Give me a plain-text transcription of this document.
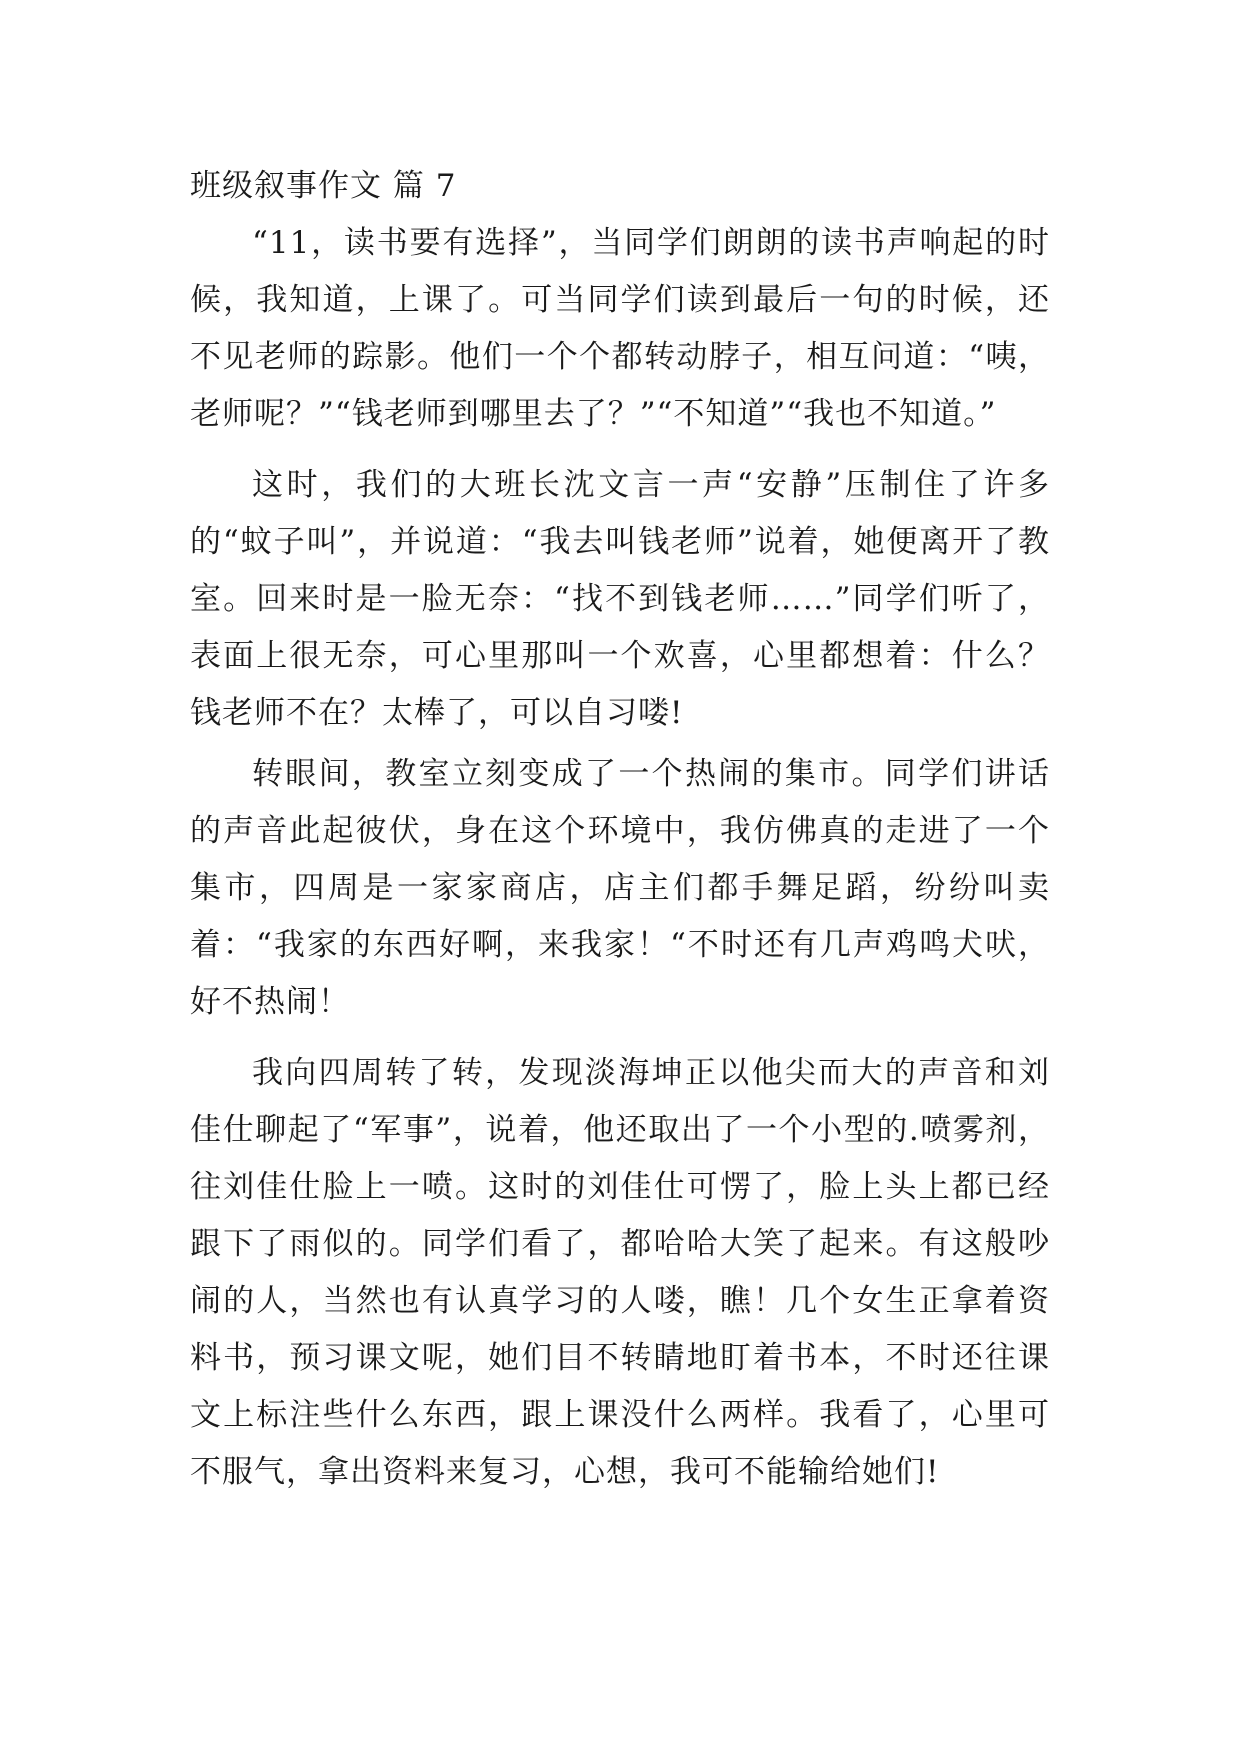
班级叙事作文 篇 7

“11，读书要有选择”，当同学们朗朗的读书声响起的时候，我知道，上课了。可当同学们读到最后一句的时候，还不见老师的踪影。他们一个个都转动脖子，相互问道：“咦，老师呢？”“钱老师到哪里去了？”“不知道”“我也不知道。”

这时，我们的大班长沈文言一声“安静”压制住了许多的“蚊子叫”，并说道：“我去叫钱老师”说着，她便离开了教室。回来时是一脸无奈：“找不到钱老师……”同学们听了，表面上很无奈，可心里那叫一个欢喜，心里都想着：什么？钱老师不在？太棒了，可以自习喽!

转眼间，教室立刻变成了一个热闹的集市。同学们讲话的声音此起彼伏，身在这个环境中，我仿佛真的走进了一个集市，四周是一家家商店，店主们都手舞足蹈，纷纷叫卖着：“我家的东西好啊，来我家！“不时还有几声鸡鸣犬吠，好不热闹！

我向四周转了转，发现淡海坤正以他尖而大的声音和刘佳仕聊起了“军事”，说着，他还取出了一个小型的.喷雾剂，往刘佳仕脸上一喷。这时的刘佳仕可愣了，脸上头上都已经跟下了雨似的。同学们看了，都哈哈大笑了起来。有这般吵闹的人，当然也有认真学习的人喽，瞧！几个女生正拿着资料书，预习课文呢，她们目不转睛地盯着书本，不时还往课文上标注些什么东西，跟上课没什么两样。我看了，心里可不服气，拿出资料来复习，心想，我可不能输给她们!
